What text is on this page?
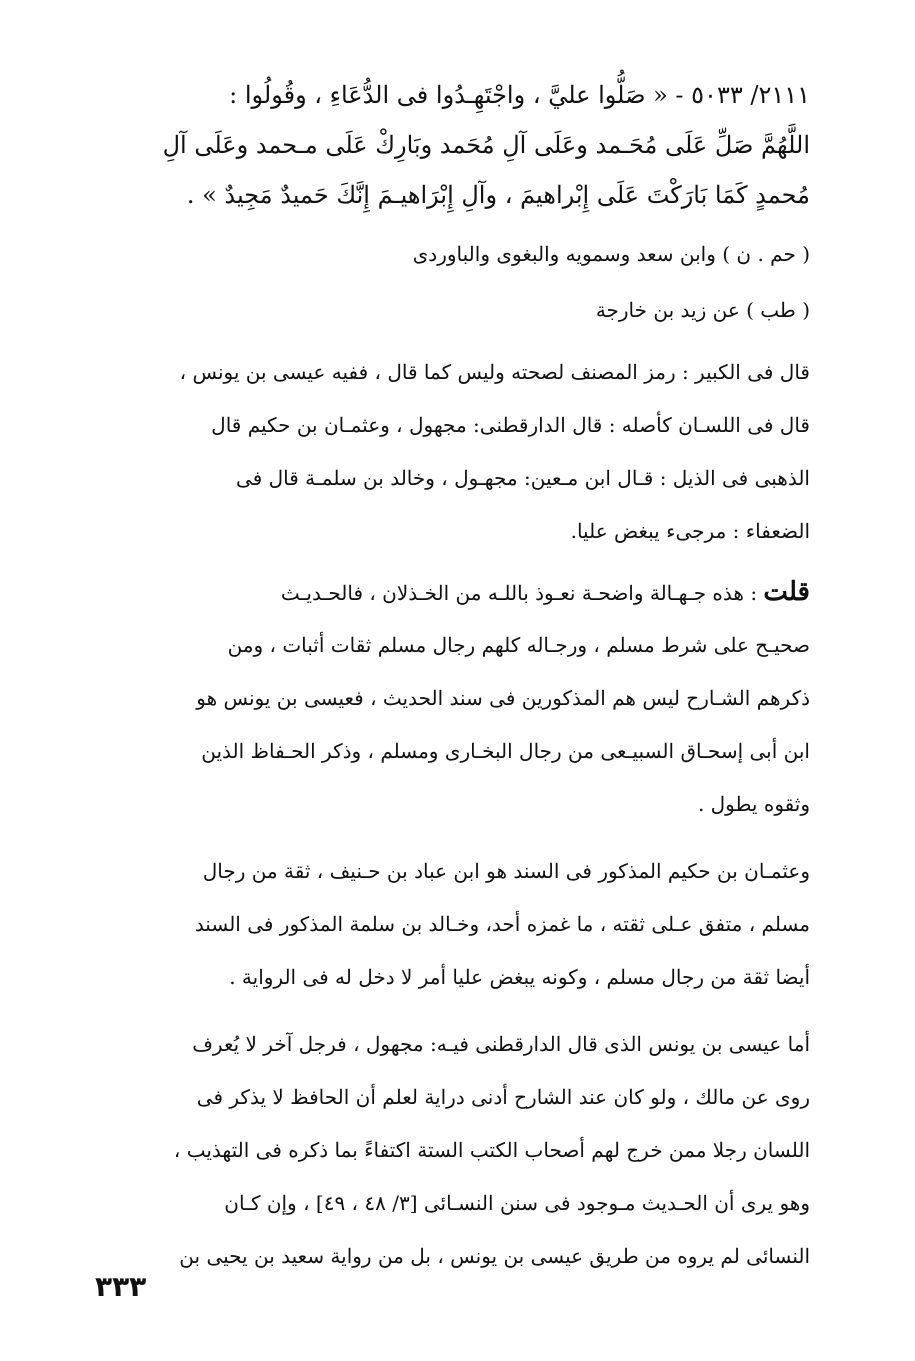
٢١١١/ ٥٠٣٣ - « صَلُّوا عليَّ ، واجْتَهِـدُوا فى الدُّعَاءِ ، وقُولُوا :
اللَّهُمَّ صَلِّ عَلَى مُحَـمد وعَلَى آلِ مُحَمد وبَارِكْ عَلَى مـحمد وعَلَى آلِ
مُحمدٍ كَمَا بَارَكْتَ عَلَى إِبْراهيمَ ، وآلِ إِبْرَاهيـمَ إِنَّكَ حَميدٌ مَجِيدٌ » .
( حم . ن ) وابن سعد وسمويه والبغوى والباوردى
( طب ) عن زيد بن خارجة
قال فى الكبير : رمز المصنف لصحته وليس كما قال ، ففيه عيسى بن يونس ،
قال فى اللسـان كأصله : قال الدارقطنى: مجهول ، وعثمـان بن حكيم قال
الذهبى فى الذيل : قـال ابن مـعين: مجهـول ، وخالد بن سلمـة قال فى
الضعفاء : مرجىء يبغض عليا.
قلت : هذه جـهـالة واضحـة نعـوذ باللـه من الخـذلان ، فالحـديـث
صحيـح على شرط مسلم ، ورجـاله كلهم رجال مسلم ثقات أثبات ، ومن
ذكرهم الشـارح ليس هم المذكورين فى سند الحديث ، فعيسى بن يونس هو
ابن أبى إسحـاق السبيـعى من رجال البخـارى ومسلم ، وذكر الحـفاظ الذين
وثقوه يطول .
وعثمـان بن حكيم المذكور فى السند هو ابن عباد بن حـنيف ، ثقة من رجال
مسلم ، متفق عـلى ثقته ، ما غمزه أحد، وخـالد بن سلمة المذكور فى السند
أيضا ثقة من رجال مسلم ، وكونه يبغض عليا أمر لا دخل له فى الرواية .
أما عيسى بن يونس الذى قال الدارقطنى فيـه: مجهول ، فرجل آخر لا يُعرف
روى عن مالك ، ولو كان عند الشارح أدنى دراية لعلم أن الحافظ لا يذكر فى
اللسان رجلا ممن خرج لهم أصحاب الكتب الستة اكتفاءً بما ذكره فى التهذيب ،
وهو يرى أن الحـديث مـوجود فى سنن النسـائى [٣/ ٤٨ ، ٤٩] ، وإن كـان
النسائى لم يروه من طريق عيسى بن يونس ، بل من رواية سعيد بن يحيى بن
٣٣٣
